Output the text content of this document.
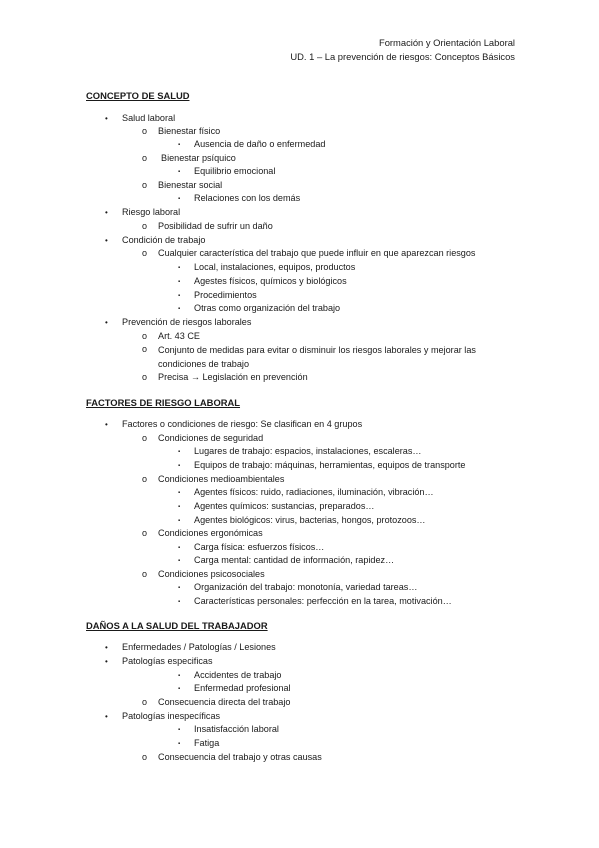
Formación y Orientación Laboral
UD. 1 – La prevención de riesgos: Conceptos Básicos
CONCEPTO DE SALUD
• Salud laboral
o Bienestar físico
▪ Ausencia de daño o enfermedad
o Bienestar psíquico
▪ Equilibrio emocional
o Bienestar social
▪ Relaciones con los demás
• Riesgo laboral
o Posibilidad de sufrir un daño
• Condición de trabajo
o Cualquier característica del trabajo que puede influir en que aparezcan riesgos
▪ Local, instalaciones, equipos, productos
▪ Agestes físicos, químicos y biológicos
▪ Procedimientos
▪ Otras como organización del trabajo
• Prevención de riesgos laborales
o Art. 43 CE
o Conjunto de medidas para evitar o disminuir los riesgos laborales y mejorar las condiciones de trabajo
o Precisa → Legislación en prevención
FACTORES DE RIESGO LABORAL
• Factores o condiciones de riesgo: Se clasifican en 4 grupos
o Condiciones de seguridad
▪ Lugares de trabajo: espacios, instalaciones, escaleras…
▪ Equipos de trabajo: máquinas, herramientas, equipos de transporte
o Condiciones medioambientales
▪ Agentes físicos: ruido, radiaciones, iluminación, vibración…
▪ Agentes químicos: sustancias, preparados…
▪ Agentes biológicos: virus, bacterias, hongos, protozoos…
o Condiciones ergonómicas
▪ Carga física: esfuerzos físicos…
▪ Carga mental: cantidad de información, rapidez…
o Condiciones psicosociales
▪ Organización del trabajo: monotonía, variedad tareas…
▪ Características personales: perfección en la tarea, motivación…
DAÑOS A LA SALUD DEL TRABAJADOR
• Enfermedades / Patologías / Lesiones
• Patologías especificas
▪ Accidentes de trabajo
▪ Enfermedad profesional
o Consecuencia directa del trabajo
• Patologías inespecíficas
▪ Insatisfacción laboral
▪ Fatiga
o Consecuencia del trabajo y otras causas
